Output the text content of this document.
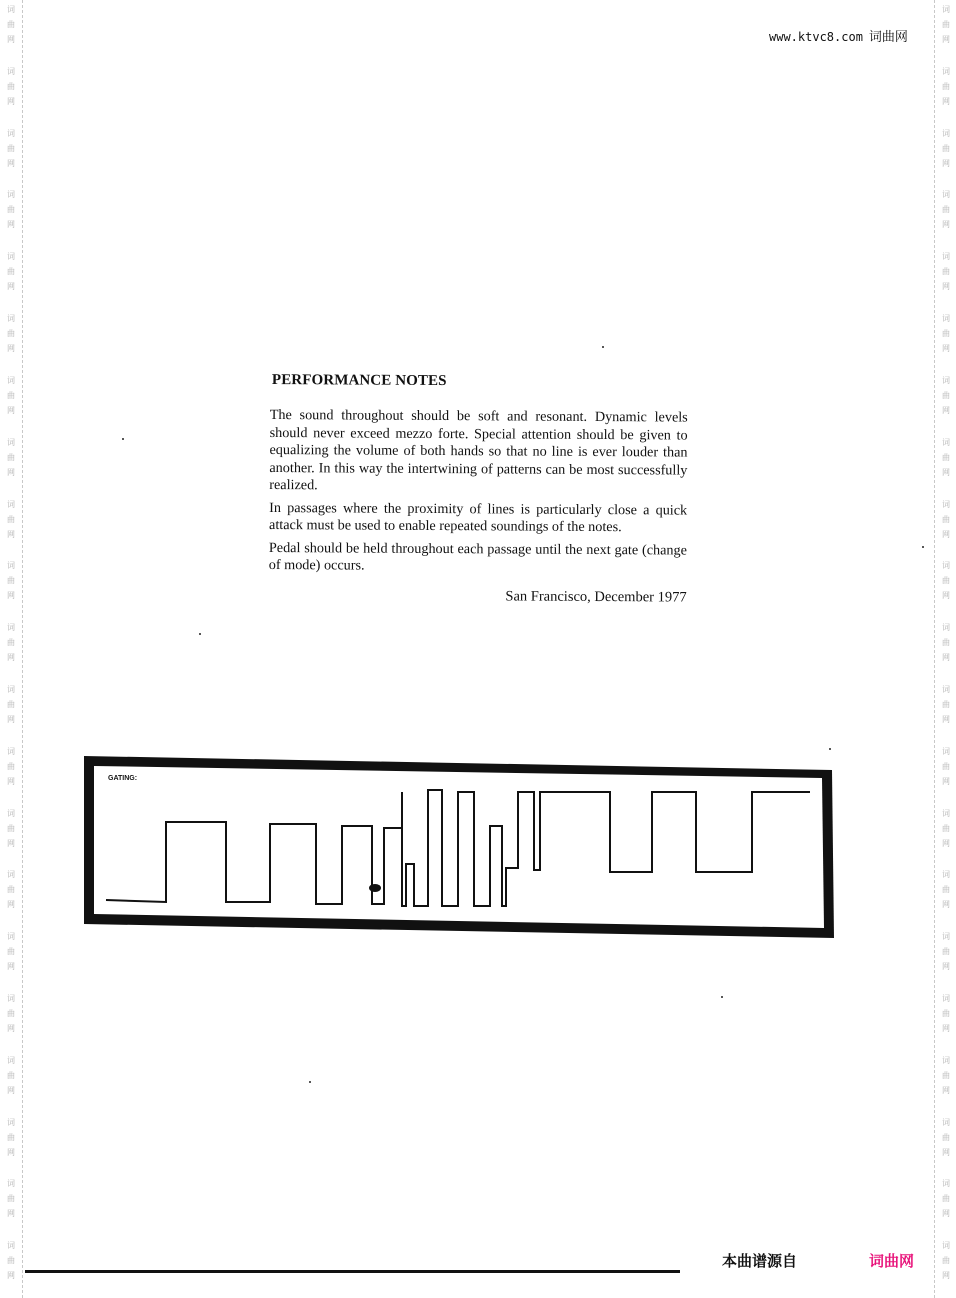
词
曲
网
词
曲
网
词
曲
网
词
曲
网
词
曲
网
词
曲
网
词
曲
网
词
曲
网
词
曲
网
词
曲
网
词
曲
网
词
曲
网
词
曲
网
词
曲
网
词
曲
网
词
曲
网
词
曲
网
词
曲
网
词
曲
网
词
曲
网
词
曲
网
词
曲
网
词
曲
网
词
曲
网
词
曲
网
词
曲
网
词
曲
网
词
曲
网
词
曲
网
词
曲
网
词
曲
网
词
曲
网
词
曲
网
词
曲
网
词
曲
网
词
曲
网
词
曲
网
词
曲
网
词
曲
网
词
曲
网
词
曲
网
词
曲
网
www.ktvc8.com 词曲网
PERFORMANCE NOTES

The sound throughout should be soft and resonant. Dynamic levels should never exceed mezzo forte. Special attention should be given to equalizing the volume of both hands so that no line is ever louder than another. In this way the intertwining of patterns can be most successfully realized.

In passages where the proximity of lines is particularly close a quick attack must be used to enable repeated soundings of the notes.

Pedal should be held throughout each passage until the next gate (change of mode) occurs.

San Francisco, December 1977
GATING:
本曲谱源自	词曲网
